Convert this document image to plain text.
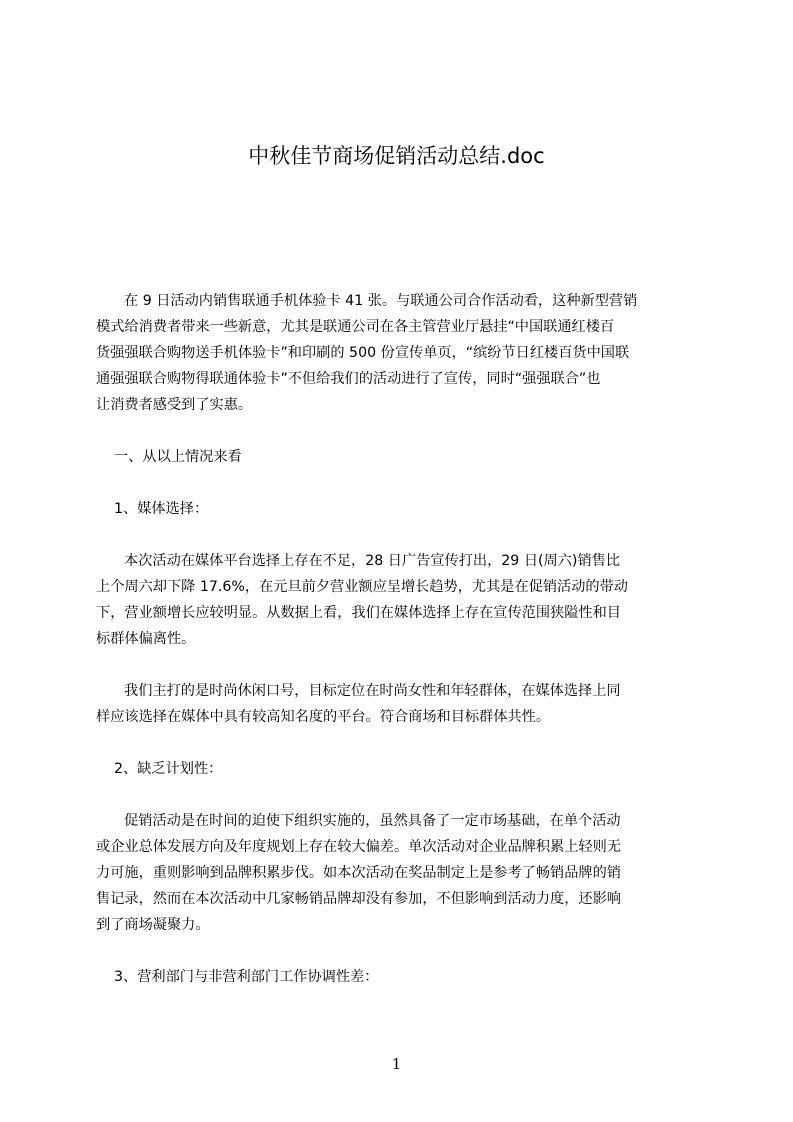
中秋佳节商场促销活动总结.doc
在 9 日活动内销售联通手机体验卡 41 张。与联通公司合作活动看，这种新型营销
模式给消费者带来一些新意，尤其是联通公司在各主管营业厅悬挂“中国联通红楼百
货强强联合购物送手机体验卡”和印刷的 500 份宣传单页，“缤纷节日红楼百货中国联
通强强联合购物得联通体验卡”不但给我们的活动进行了宣传，同时“强强联合”也
让消费者感受到了实惠。
一、从以上情况来看
1、媒体选择：
本次活动在媒体平台选择上存在不足，28 日广告宣传打出，29 日(周六)销售比
上个周六却下降 17.6%，在元旦前夕营业额应呈增长趋势，尤其是在促销活动的带动
下，营业额增长应较明显。从数据上看，我们在媒体选择上存在宣传范围狭隘性和目
标群体偏离性。
我们主打的是时尚休闲口号，目标定位在时尚女性和年轻群体，在媒体选择上同
样应该选择在媒体中具有较高知名度的平台。符合商场和目标群体共性。
2、缺乏计划性：
促销活动是在时间的迫使下组织实施的，虽然具备了一定市场基础，在单个活动
或企业总体发展方向及年度规划上存在较大偏差。单次活动对企业品牌积累上轻则无
力可施，重则影响到品牌积累步伐。如本次活动在奖品制定上是参考了畅销品牌的销
售记录，然而在本次活动中几家畅销品牌却没有参加，不但影响到活动力度，还影响
到了商场凝聚力。
3、营利部门与非营利部门工作协调性差：
1
